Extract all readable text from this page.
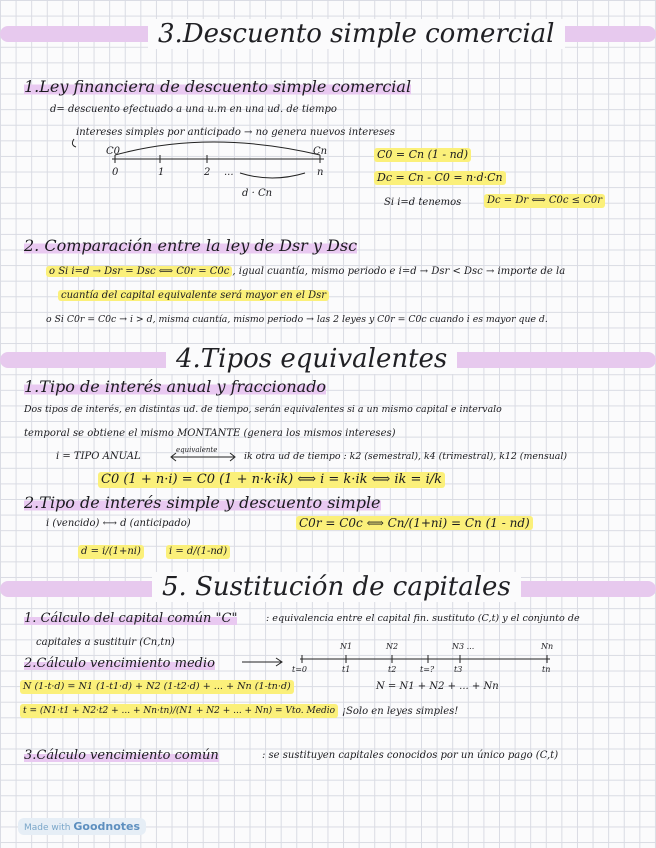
3.Descuento simple comercial
1.Ley financiera de descuento simple comercial
d= descuento efectuado a una u.m en una ud. de tiempo
intereses simples por anticipado → no genera nuevos intereses
C0	Cn
0	1	2 ...	n
d · Cn
C0 = Cn (1 - nd)
Dc = Cn - C0 = n·d·Cn
Si i=d tenemos	Dc = Dr ⟺ C0c ≤ C0r
2. Comparación entre la ley de Dsr y Dsc
o Si i=d → Dsr = Dsc ⟺ C0r = C0c , igual cuantía, mismo periodo e i=d → Dsr < Dsc → importe de la
cuantía del capital equivalente será mayor en el Dsr
o Si C0r = C0c → i > d, misma cuantía, mismo periodo → las 2 leyes y C0r = C0c cuando i es mayor que d.
4.Tipos equivalentes
1.Tipo de interés anual y fraccionado
Dos tipos de interés, en distintas ud. de tiempo, serán equivalentes si a un mismo capital e intervalo
temporal se obtiene el mismo MONTANTE (genera los mismos intereses)
i = TIPO ANUAL
equivalente
ik otra ud de tiempo : k2 (semestral), k4 (trimestral), k12 (mensual)
C0 (1 + n·i) = C0 (1 + n·k·ik) ⟺ i = k·ik ⟺ ik = i/k
2.Tipo de interés simple y descuento simple
i (vencido) ⟷ d (anticipado)	C0r = C0c ⟺ Cn/(1+ni) = Cn (1 - nd)
d = i/(1+ni)	i = d/(1-nd)
5. Sustitución de capitales
1. Cálculo del capital común "C"	: equivalencia entre el capital fin. sustituto (C,t) y el conjunto de
capitales a sustituir (Cn,tn)
2.Cálculo vencimiento medio
N1	N2	N3 ...	Nn
t=0	t1	t2	t=? t3	tn
N (1-t·d) = N1 (1-t1·d) + N2 (1-t2·d) + ... + Nn (1-tn·d)	N = N1 + N2 + ... + Nn
t = (N1·t1 + N2·t2 + ... + Nn·tn)/(N1 + N2 + ... + Nn) = Vto. Medio ¡Solo en leyes simples!
3.Cálculo vencimiento común	: se sustituyen capitales conocidos por un único pago (C,t)
Made with Goodnotes
